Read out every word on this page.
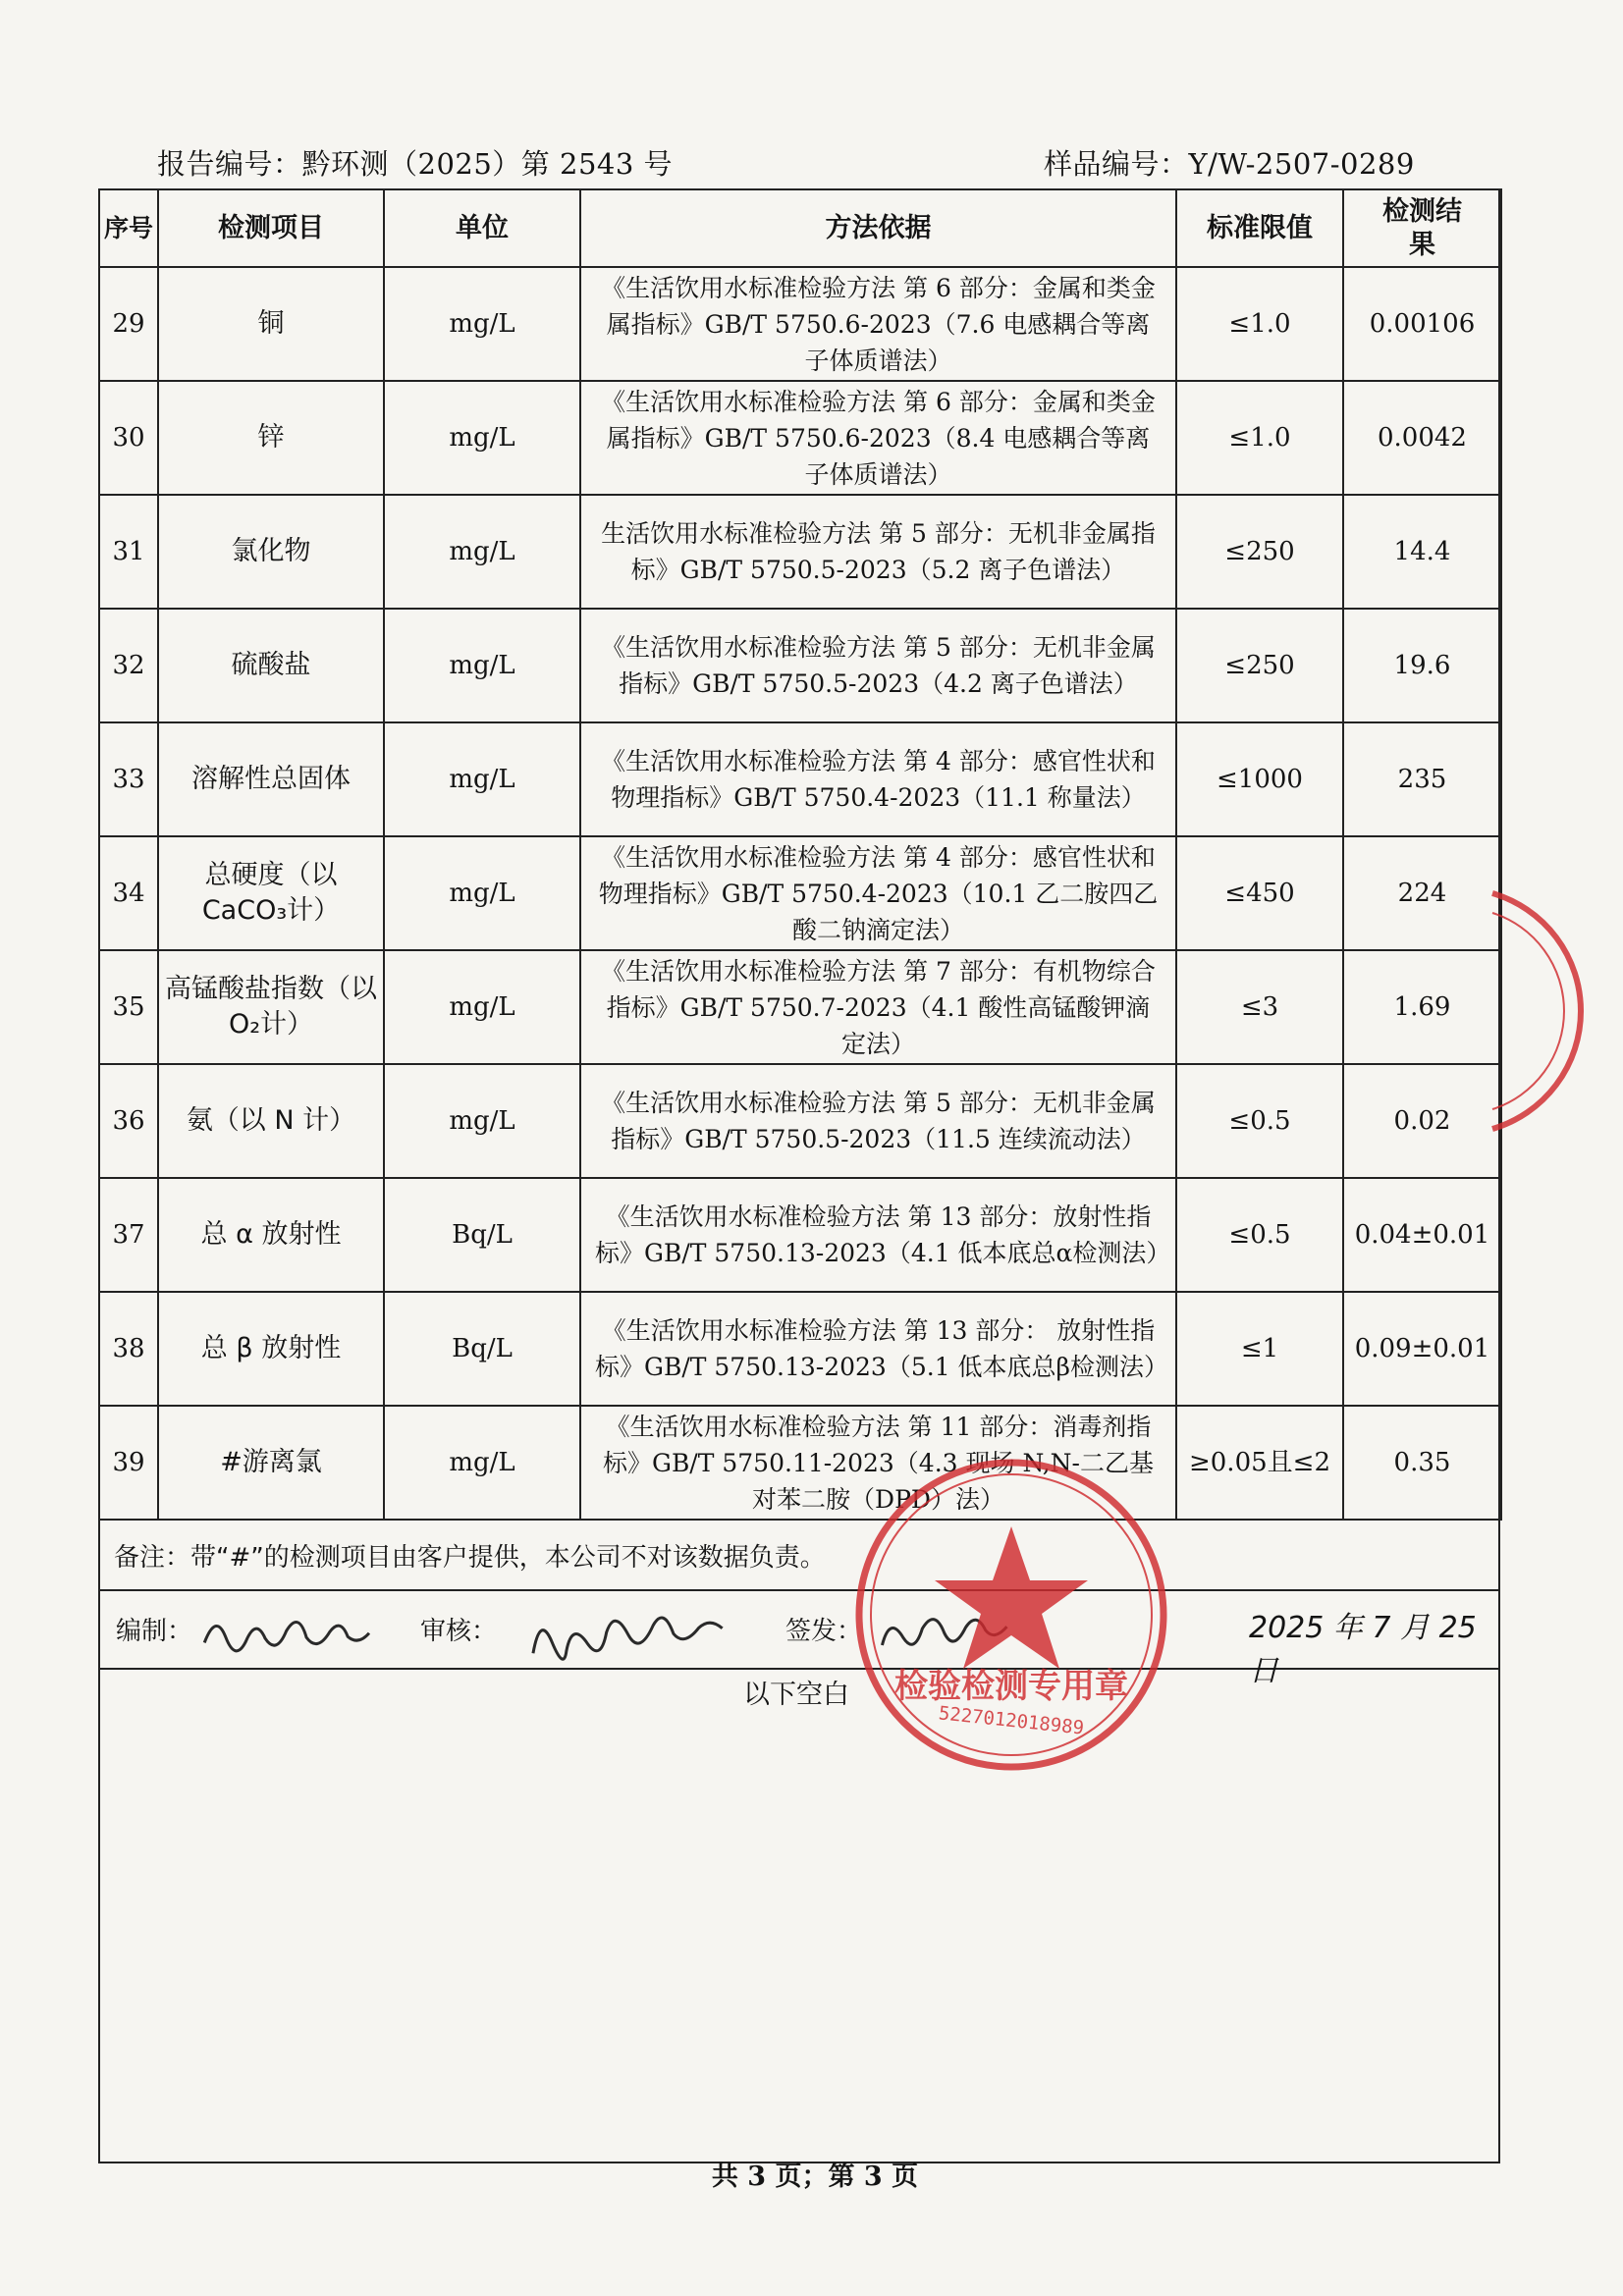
报告编号：黔环测（2025）第 2543 号	样品编号：Y/W-2507-0289
序号	检测项目	单位	方法依据	标准限值	检测结果
29	铜	mg/L	《生活饮用水标准检验方法 第 6 部分：金属和类金属指标》GB/T 5750.6-2023（7.6 电感耦合等离子体质谱法）	≤1.0	0.00106
30	锌	mg/L	《生活饮用水标准检验方法 第 6 部分：金属和类金属指标》GB/T 5750.6-2023（8.4 电感耦合等离子体质谱法）	≤1.0	0.0042
31	氯化物	mg/L	生活饮用水标准检验方法 第 5 部分：无机非金属指标》GB/T 5750.5-2023（5.2 离子色谱法）	≤250	14.4
32	硫酸盐	mg/L	《生活饮用水标准检验方法 第 5 部分：无机非金属指标》GB/T 5750.5-2023（4.2 离子色谱法）	≤250	19.6
33	溶解性总固体	mg/L	《生活饮用水标准检验方法 第 4 部分：感官性状和物理指标》GB/T 5750.4-2023（11.1 称量法）	≤1000	235
34	总硬度（以CaCO₃计）	mg/L	《生活饮用水标准检验方法 第 4 部分：感官性状和物理指标》GB/T 5750.4-2023（10.1 乙二胺四乙酸二钠滴定法）	≤450	224
35	高锰酸盐指数（以O₂计）	mg/L	《生活饮用水标准检验方法 第 7 部分：有机物综合指标》GB/T 5750.7-2023（4.1 酸性高锰酸钾滴定法）	≤3	1.69
36	氨（以 N 计）	mg/L	《生活饮用水标准检验方法 第 5 部分：无机非金属指标》GB/T 5750.5-2023（11.5 连续流动法）	≤0.5	0.02
37	总 α 放射性	Bq/L	《生活饮用水标准检验方法 第 13 部分：放射性指标》GB/T 5750.13-2023（4.1 低本底总α检测法）	≤0.5	0.04±0.01
38	总 β 放射性	Bq/L	《生活饮用水标准检验方法 第 13 部分： 放射性指标》GB/T 5750.13-2023（5.1 低本底总β检测法）	≤1	0.09±0.01
39	#游离氯	mg/L	《生活饮用水标准检验方法 第 11 部分：消毒剂指标》GB/T 5750.11-2023（4.3 现场 N,N-二乙基对苯二胺（DPD）法）	≥0.05且≤2	0.35
备注：带“#”的检测项目由客户提供，本公司不对该数据负责。
编制：	审核：	签发：	2025 年 7 月 25 日
以下空白	检验检测专用章
5227012018989
共 3 页；第 3 页
